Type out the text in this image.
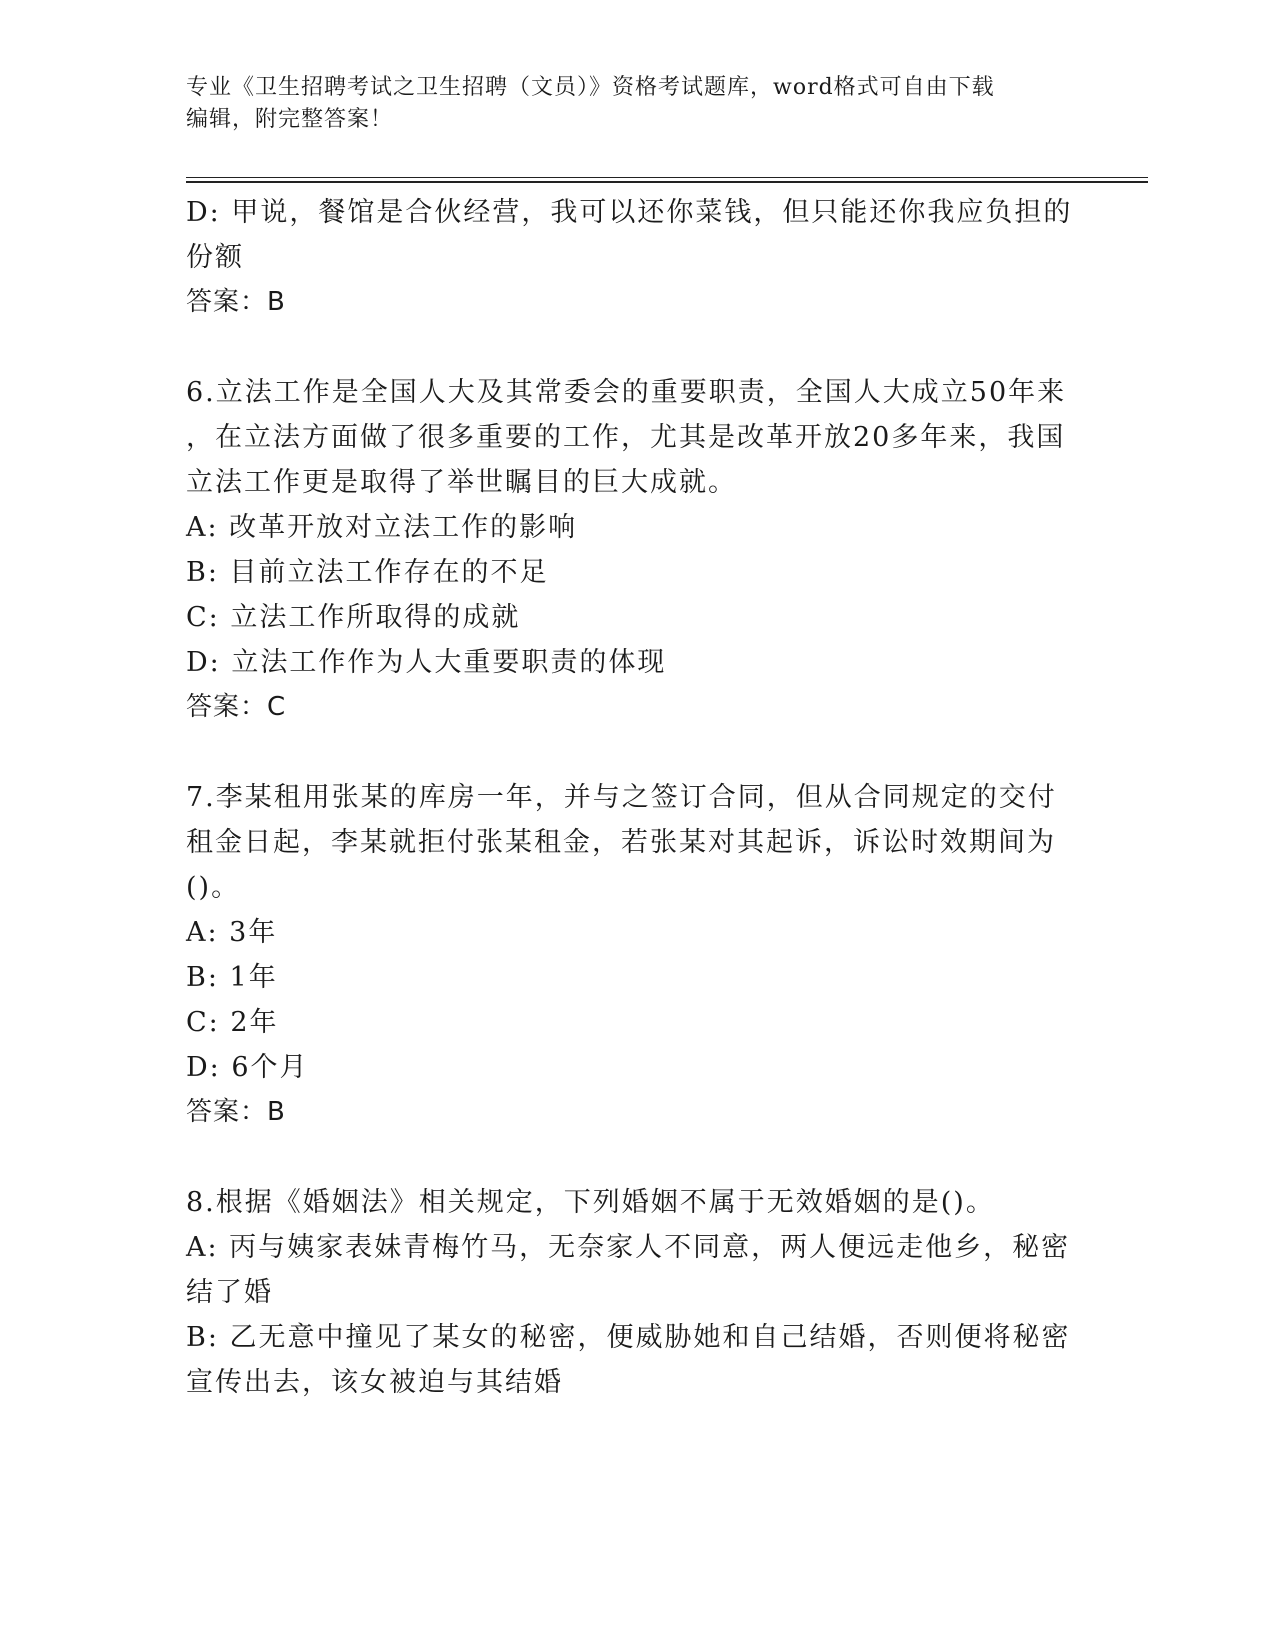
专业《卫生招聘考试之卫生招聘（文员）》资格考试题库，word格式可自由下载
编辑，附完整答案！
D: 甲说，餐馆是合伙经营，我可以还你菜钱，但只能还你我应负担的
份额
答案：B
6.立法工作是全国人大及其常委会的重要职责，全国人大成立50年来
，在立法方面做了很多重要的工作，尤其是改革开放20多年来，我国
立法工作更是取得了举世瞩目的巨大成就。
A: 改革开放对立法工作的影响
B: 目前立法工作存在的不足
C: 立法工作所取得的成就
D: 立法工作作为人大重要职责的体现
答案：C
7.李某租用张某的库房一年，并与之签订合同，但从合同规定的交付
租金日起，李某就拒付张某租金，若张某对其起诉，诉讼时效期间为
()。
A: 3年
B: 1年
C: 2年
D: 6个月
答案：B
8.根据《婚姻法》相关规定，下列婚姻不属于无效婚姻的是()。
A: 丙与姨家表妹青梅竹马，无奈家人不同意，两人便远走他乡，秘密
结了婚
B: 乙无意中撞见了某女的秘密，便威胁她和自己结婚，否则便将秘密
宣传出去，该女被迫与其结婚
